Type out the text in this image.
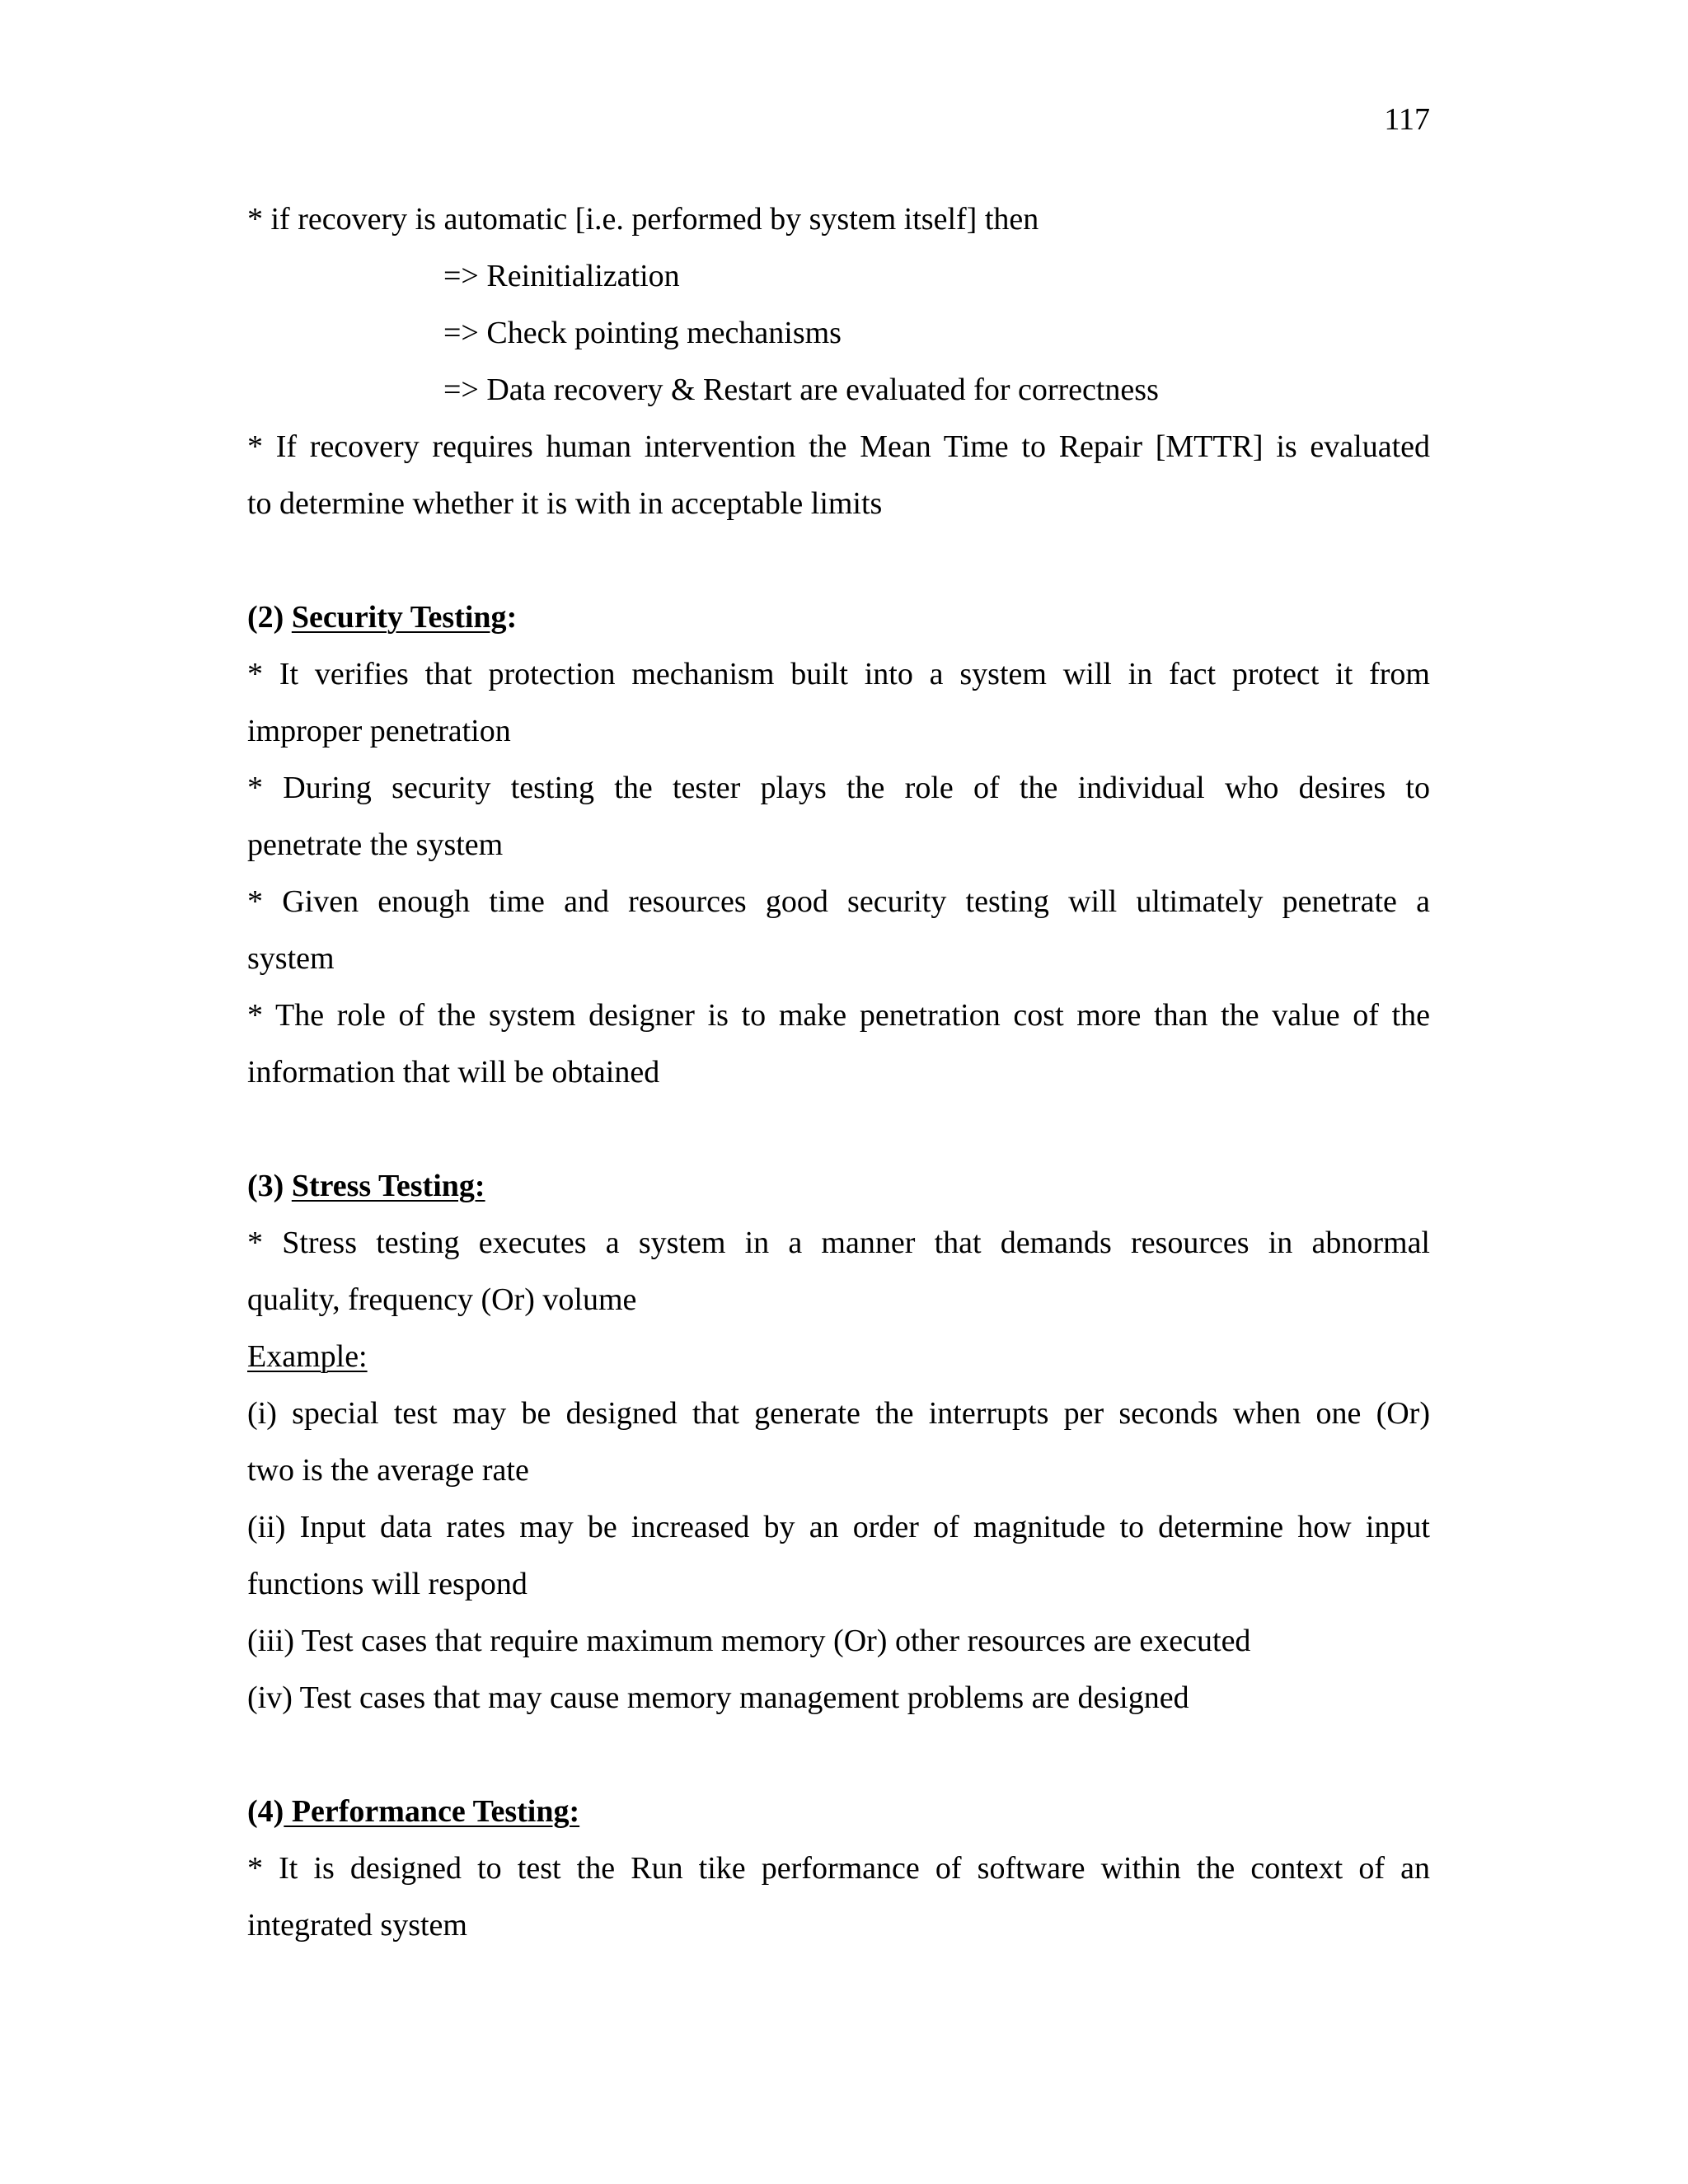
117
* if recovery is automatic [i.e. performed by system itself] then
=> Reinitialization
=> Check pointing mechanisms
=> Data recovery & Restart are evaluated for correctness
* If recovery requires human intervention the Mean Time to Repair [MTTR] is evaluated
to determine whether it is with in acceptable limits
(2) Security Testing:
* It verifies that protection mechanism built into a system will in fact protect it from
improper penetration
* During security testing the tester plays the role of the individual who desires to
penetrate the system
* Given enough time and resources good security testing will ultimately penetrate a
system
* The role of the system designer is to make penetration cost more than the value of the
information that will be obtained
(3) Stress Testing:
* Stress testing executes a system in a manner that demands resources in abnormal
quality, frequency (Or) volume
Example:
(i) special test may be designed that generate the interrupts per seconds when one (Or)
two is the average rate
(ii) Input data rates may be increased by an order of magnitude to determine how input
functions will respond
(iii) Test cases that require maximum memory (Or) other resources are executed
(iv) Test cases that may cause memory management problems are designed
(4) Performance Testing:
* It is designed to test the Run tike performance of software within the context of an
integrated system
